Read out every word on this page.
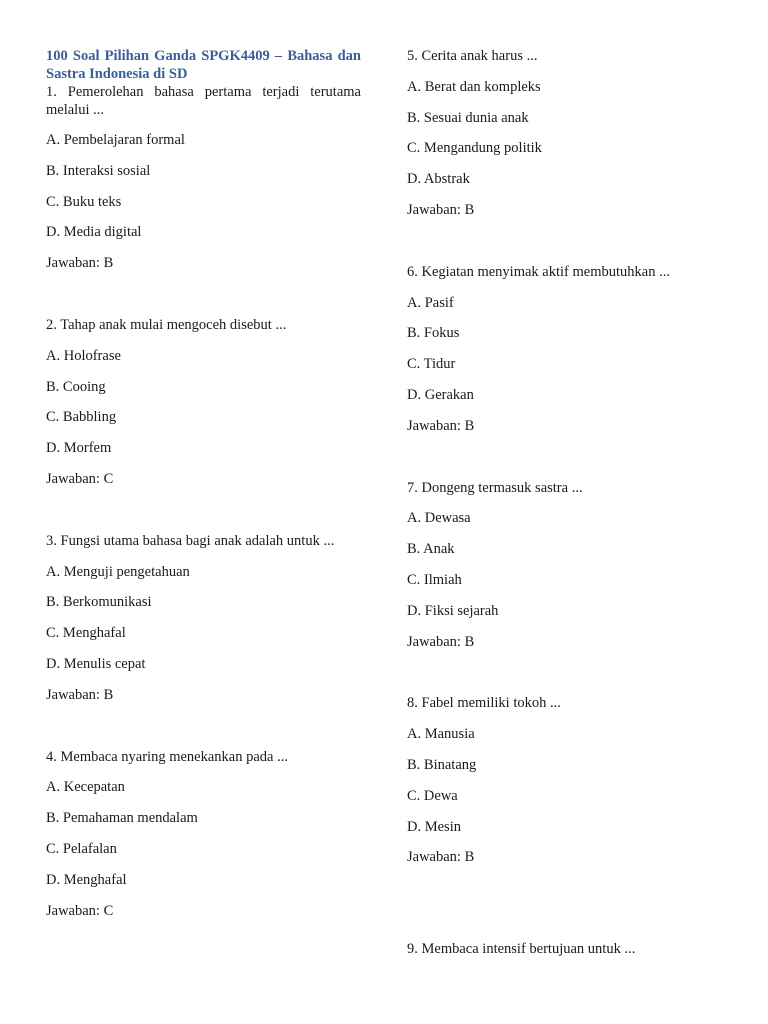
100 Soal Pilihan Ganda SPGK4409 – Bahasa dan Sastra Indonesia di SD

1. Pemerolehan bahasa pertama terjadi terutama melalui ...

A. Pembelajaran formal

B. Interaksi sosial

C. Buku teks

D. Media digital

Jawaban: B

2. Tahap anak mulai mengoceh disebut ...

A. Holofrase

B. Cooing

C. Babbling

D. Morfem

Jawaban: C

3. Fungsi utama bahasa bagi anak adalah untuk ...

A. Menguji pengetahuan

B. Berkomunikasi

C. Menghafal

D. Menulis cepat

Jawaban: B

4. Membaca nyaring menekankan pada ...

A. Kecepatan

B. Pemahaman mendalam

C. Pelafalan

D. Menghafal

Jawaban: C

5. Cerita anak harus ...

A. Berat dan kompleks

B. Sesuai dunia anak

C. Mengandung politik

D. Abstrak

Jawaban: B

6. Kegiatan menyimak aktif membutuhkan ...

A. Pasif

B. Fokus

C. Tidur

D. Gerakan

Jawaban: B

7. Dongeng termasuk sastra ...

A. Dewasa

B. Anak

C. Ilmiah

D. Fiksi sejarah

Jawaban: B

8. Fabel memiliki tokoh ...

A. Manusia

B. Binatang

C. Dewa

D. Mesin

Jawaban: B

9. Membaca intensif bertujuan untuk ...
